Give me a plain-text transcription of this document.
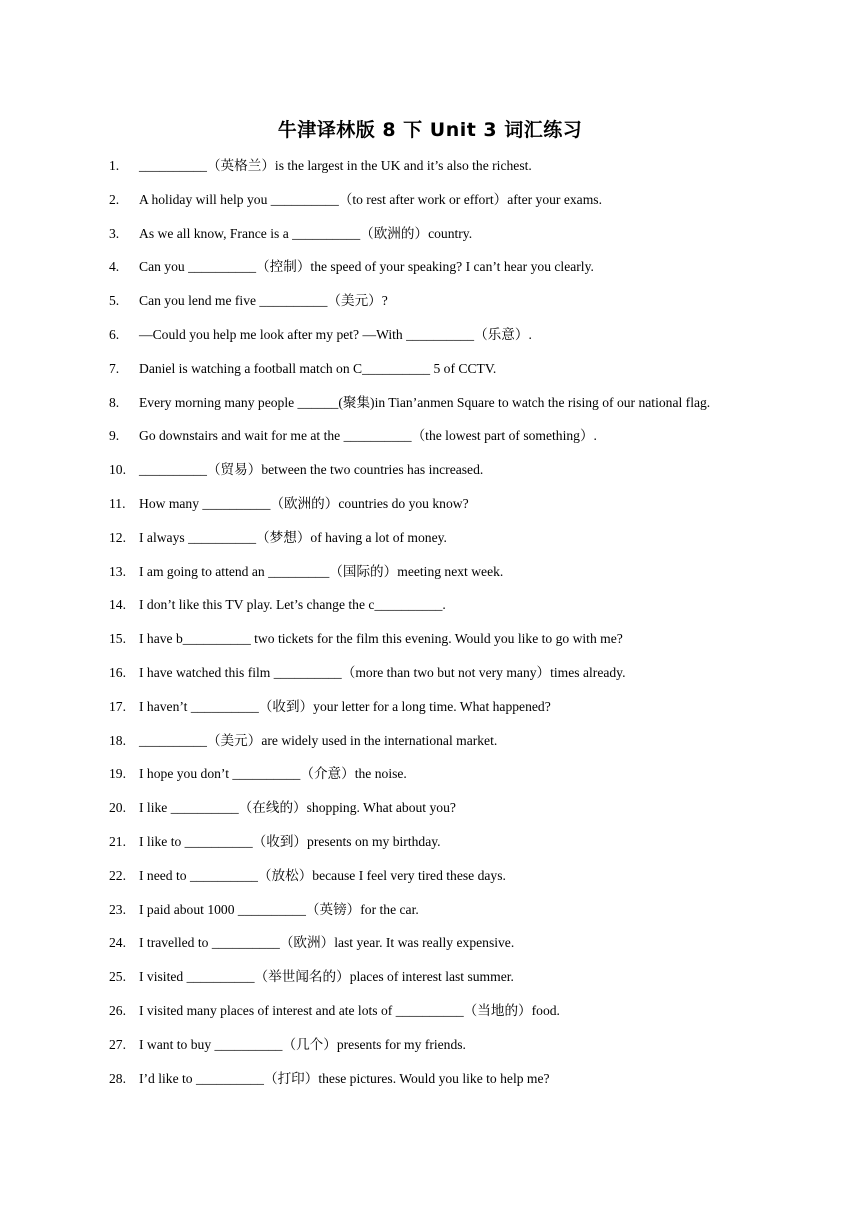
牛津译林版 8 下 Unit 3 词汇练习
1. __________（英格兰）is the largest in the UK and it’s also the richest.
2. A holiday will help you __________（to rest after work or effort）after your exams.
3. As we all know, France is a __________（欧洲的）country.
4. Can you __________（控制）the speed of your speaking? I can’t hear you clearly.
5. Can you lend me five __________（美元）?
6. —Could you help me look after my pet? —With __________（乐意）.
7. Daniel is watching a football match on C__________ 5 of CCTV.
8. Every morning many people ______(聚集)in Tian’anmen Square to watch the rising of our national flag.
9. Go downstairs and wait for me at the __________（the lowest part of something）.
10. __________（贸易）between the two countries has increased.
11. How many __________（欧洲的）countries do you know?
12. I always __________（梦想）of having a lot of money.
13. I am going to attend an _________（国际的）meeting next week.
14. I don’t like this TV play. Let’s change the c__________.
15. I have b__________ two tickets for the film this evening. Would you like to go with me?
16. I have watched this film __________（more than two but not very many）times already.
17. I haven’t __________（收到）your letter for a long time. What happened?
18. __________（美元）are widely used in the international market.
19. I hope you don’t __________（介意）the noise.
20. I like __________（在线的）shopping. What about you?
21. I like to __________（收到）presents on my birthday.
22. I need to __________（放松）because I feel very tired these days.
23. I paid about 1000 __________（英镑）for the car.
24. I travelled to __________（欧洲）last year. It was really expensive.
25. I visited __________（举世闻名的）places of interest last summer.
26. I visited many places of interest and ate lots of __________（当地的）food.
27. I want to buy __________（几个）presents for my friends.
28. I’d like to __________（打印）these pictures. Would you like to help me?
